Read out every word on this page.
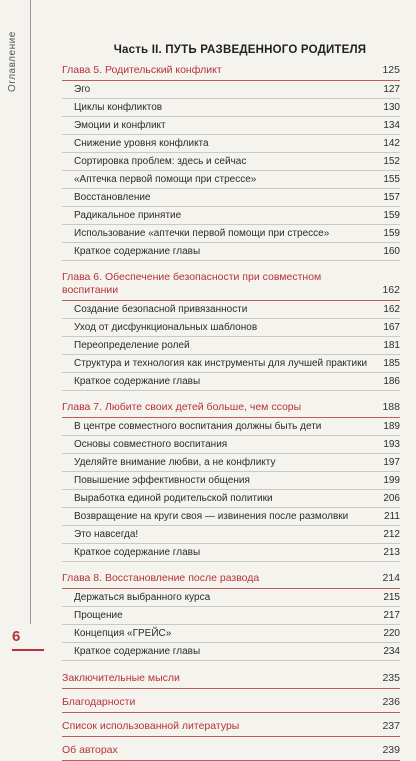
Оглавление	Часть II. ПУТЬ РАЗВЕДЕННОГО РОДИТЕЛЯ
Глава 5. Родительский конфликт	125
Эго	127
Циклы конфликтов	130
Эмоции и конфликт	134
Снижение уровня конфликта	142
Сортировка проблем: здесь и сейчас	152
«Аптечка первой помощи при стрессе»	155
Восстановление	157
Радикальное принятие	159
Использование «аптечки первой помощи при стрессе»	159
Краткое содержание главы	160
Глава 6. Обеспечение безопасности при совместном воспитании	162
Создание безопасной привязанности	162
Уход от дисфункциональных шаблонов	167
Переопределение ролей	181
Структура и технология как инструменты для лучшей практики	185
Краткое содержание главы	186
Глава 7. Любите своих детей больше, чем ссоры	188
В центре совместного воспитания должны быть дети	189
Основы совместного воспитания	193
Уделяйте внимание любви, а не конфликту	197
Повышение эффективности общения	199
Выработка единой родительской политики	206
Возвращение на круги своя — извинения после размолвки	211
Это навсегда!	212
Краткое содержание главы	213
Глава 8. Восстановление после развода	214
Держаться выбранного курса	215
Прощение	217
Концепция «ГРЕЙС»	220
Краткое содержание главы	234
Заключительные мысли	235
Благодарности	236
Список использованной литературы	237
Об авторах	239
6
